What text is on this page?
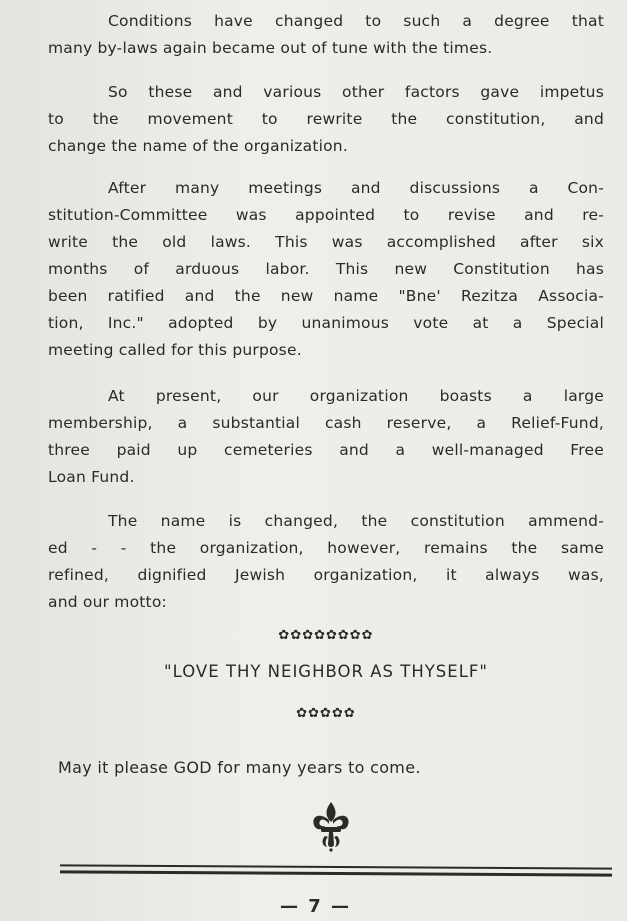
Conditions have changed to such a degree that
many by-laws again became out of tune with the times.
So these and various other factors gave impetus
to the movement to rewrite the constitution, and
change the name of the organization.
After many meetings and discussions a Con-
stitution-Committee was appointed to revise and re-
write the old laws. This was accomplished after six
months of arduous labor. This new Constitution has
been ratified and the new name "Bne' Rezitza Associa-
tion, Inc." adopted by unanimous vote at a Special
meeting called for this purpose.
At present, our organization boasts a large
membership, a substantial cash reserve, a Relief-Fund,
three paid up cemeteries and a well-managed Free
Loan Fund.
The name is changed, the constitution ammend-
ed - - the organization, however, remains the same
refined, dignified Jewish organization, it always was,
and our motto:
✿✿✿✿✿✿✿✿
"LOVE THY NEIGHBOR AS THYSELF"
✿✿✿✿✿
May it please GOD for many years to come.
— 7 —
